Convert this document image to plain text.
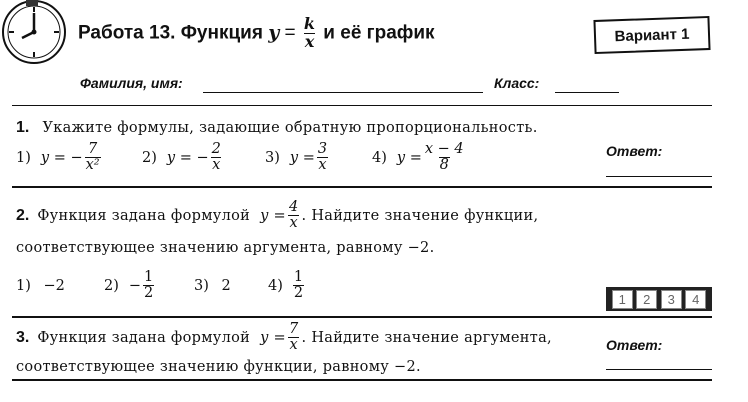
Работа 13. Функция $y = \frac{k}{x}$ и её график	Вариант 1
Фамилия, имя:	Класс:
1. Укажите формулы, задающие обратную пропорциональность.
1) y = − $\frac{7}{\text{x²}}$	2) y = − $\frac{2}{x}$	3) $y = \frac{3}{x}$	4) $y = \frac{x - 4}{8}$	Ответ:
2. Функция задана формулой $y = \frac{4}{x}$ . Найдите значение функции,
соответствующее значению аргумента, равному −2.
1) −2	$2) - \frac{1}{2}$	3) 2	$4) \frac{1}{2}$	1	2	3	4
3. Функция задана формулой $y = \frac{7}{x}$ . Найдите значение аргумента,
соответствующее значению функции, равному −2.
Ответ:
